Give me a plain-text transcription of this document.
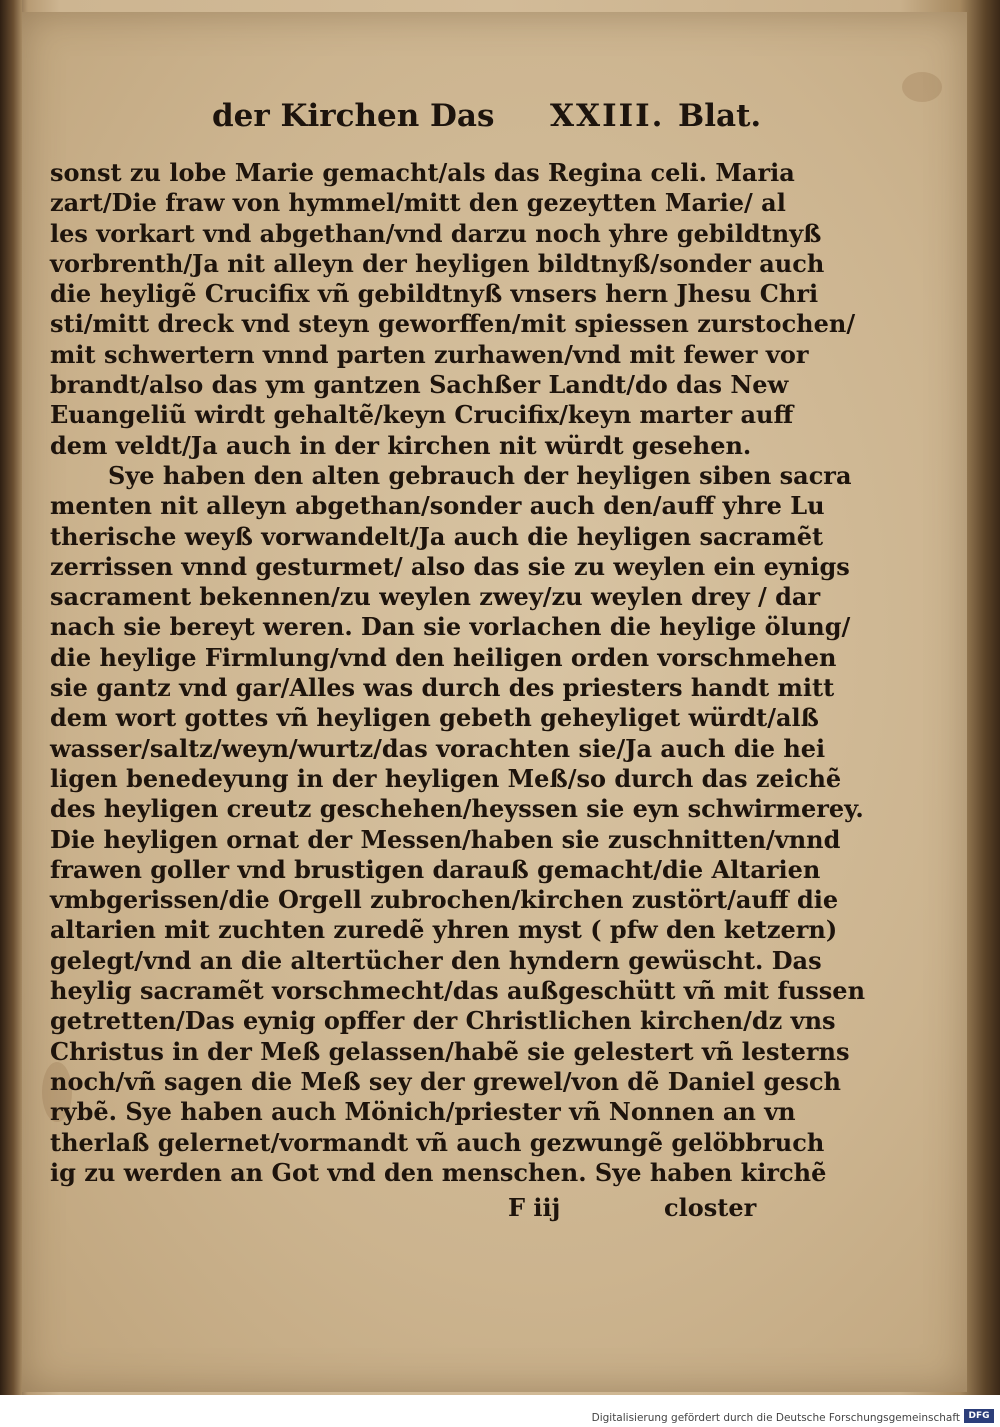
der Kirchen Das XXIII. Blat.
sonst zu lobe Marie gemacht/als das Regina celi. Maria
zart/Die fraw von hymmel/mitt den gezeytten Marie/ al
les vorkart vnd abgethan/vnd darzu noch yhre gebildtnyß
vorbrenth/Ja nit alleyn der heyligen bildtnyß/sonder auch
die heyligẽ Crucifix vñ gebildtnyß vnsers hern Jhesu Chri
sti/mitt dreck vnd steyn geworffen/mit spiessen zurstochen/
mit schwertern vnnd parten zurhawen/vnd mit fewer vor
brandt/also das ym gantzen Sachßer Landt/do das New
Euangeliũ wirdt gehaltẽ/keyn Crucifix/keyn marter auff
dem veldt/Ja auch in der kirchen nit würdt gesehen.
Sye haben den alten gebrauch der heyligen siben sacra
menten nit alleyn abgethan/sonder auch den/auff yhre Lu
therische weyß vorwandelt/Ja auch die heyligen sacramẽt
zerrissen vnnd gesturmet/ also das sie zu weylen ein eynigs
sacrament bekennen/zu weylen zwey/zu weylen drey / dar
nach sie bereyt weren. Dan sie vorlachen die heylige ölung/
die heylige Firmlung/vnd den heiligen orden vorschmehen
sie gantz vnd gar/Alles was durch des priesters handt mitt
dem wort gottes vñ heyligen gebeth geheyliget würdt/alß
wasser/saltz/weyn/wurtz/das vorachten sie/Ja auch die hei
ligen benedeyung in der heyligen Meß/so durch das zeichẽ
des heyligen creutz geschehen/heyssen sie eyn schwirmerey.
Die heyligen ornat der Messen/haben sie zuschnitten/vnnd
frawen goller vnd brustigen darauß gemacht/die Altarien
vmbgerissen/die Orgell zubrochen/kirchen zustört/auff die
altarien mit zuchten zuredẽ yhren myst ( pfw den ketzern)
gelegt/vnd an die altertücher den hyndern gewüscht. Das
heylig sacramẽt vorschmecht/das außgeschütt vñ mit fussen
getretten/Das eynig opffer der Christlichen kirchen/dz vns
Christus in der Meß gelassen/habẽ sie gelestert vñ lesterns
noch/vñ sagen die Meß sey der grewel/von dẽ Daniel gesch
rybẽ. Sye haben auch Mönich/priester vñ Nonnen an vn
therlaß gelernet/vormandt vñ auch gezwungẽ gelöbbruch
ig zu werden an Got vnd den menschen. Sye haben kirchẽ
F iij	closter
Digitalisierung gefördert durch die Deutsche Forschungsgemeinschaft DFG
